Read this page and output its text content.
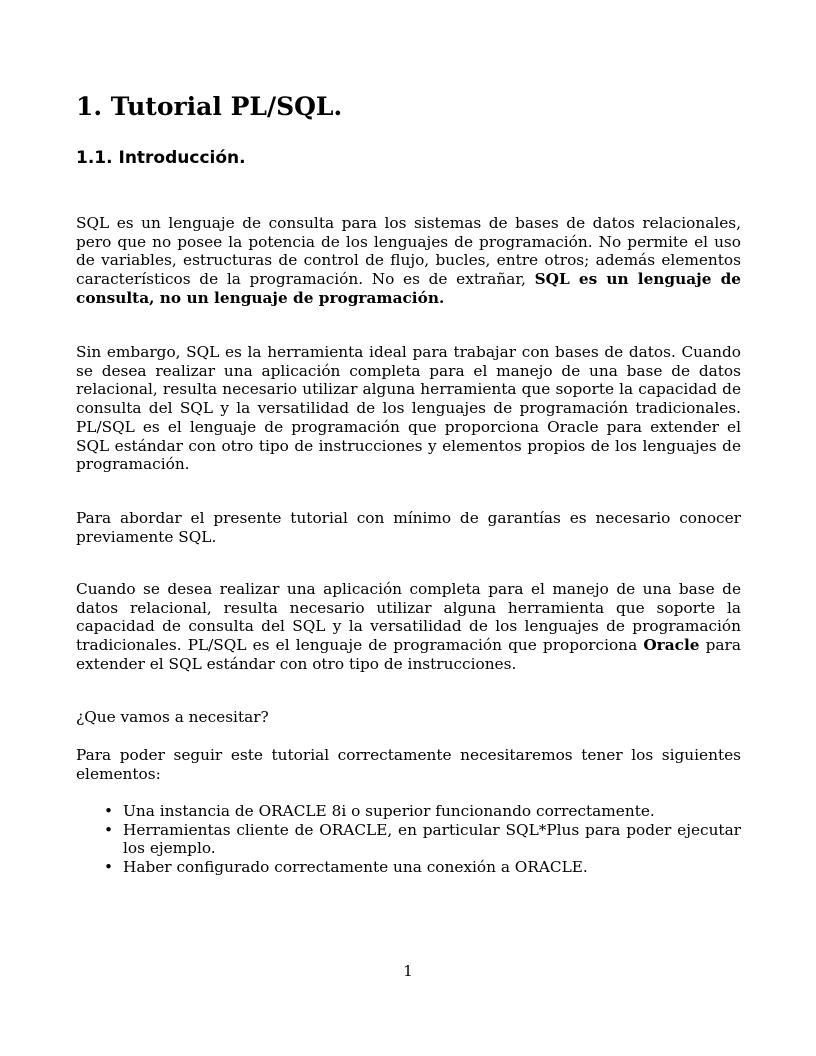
1. Tutorial PL/SQL.
1.1. Introducción.

SQL es un lenguaje de consulta para los sistemas de bases de datos relacionales, pero que no posee la potencia de los lenguajes de programación. No permite el uso de variables, estructuras de control de flujo, bucles, entre otros; además elementos característicos de la programación. No es de extrañar, SQL es un lenguaje de consulta, no un lenguaje de programación.

Sin embargo, SQL es la herramienta ideal para trabajar con bases de datos. Cuando se desea realizar una aplicación completa para el manejo de una base de datos relacional, resulta necesario utilizar alguna herramienta que soporte la capacidad de consulta del SQL y la versatilidad de los lenguajes de programación tradicionales. PL/SQL es el lenguaje de programación que proporciona Oracle para extender el SQL estándar con otro tipo de instrucciones y elementos propios de los lenguajes de programación.

Para abordar el presente tutorial con mínimo de garantías es necesario conocer previamente SQL.

Cuando se desea realizar una aplicación completa para el manejo de una base de datos relacional, resulta necesario utilizar alguna herramienta que soporte la capacidad de consulta del SQL y la versatilidad de los lenguajes de programación tradicionales. PL/SQL es el lenguaje de programación que proporciona Oracle para extender el SQL estándar con otro tipo de instrucciones.

¿Que vamos a necesitar?

Para poder seguir este tutorial correctamente necesitaremos tener los siguientes elementos:

• Una instancia de ORACLE 8i o superior funcionando correctamente.
• Herramientas cliente de ORACLE, en particular SQL*Plus para poder ejecutar los ejemplo.
• Haber configurado correctamente una conexión a ORACLE.
1
